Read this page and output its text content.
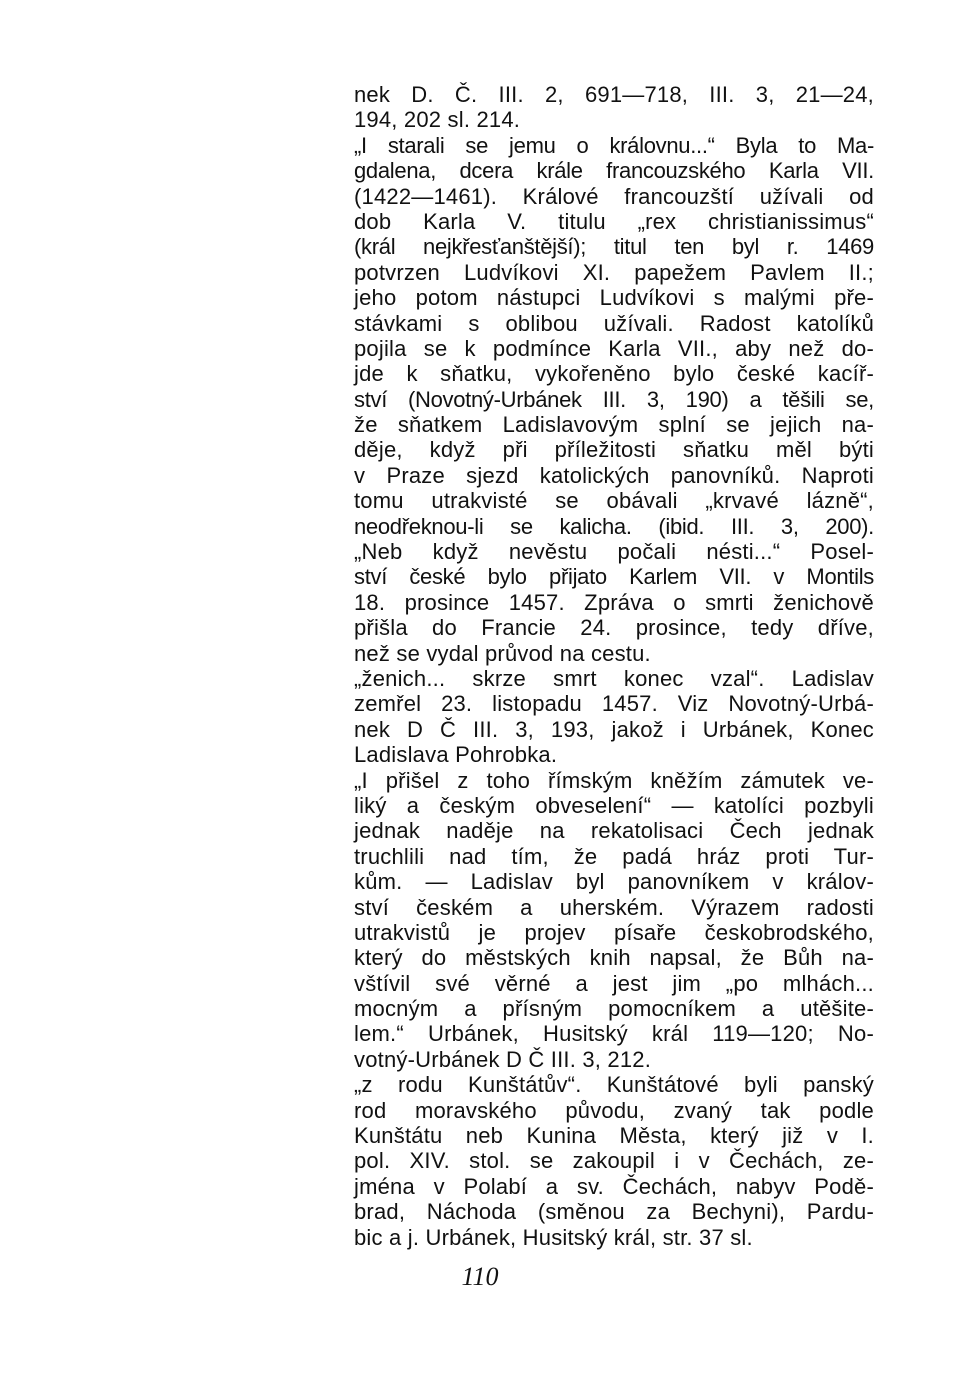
nek D. Č. III. 2, 691—718, III. 3, 21—24,
194, 202 sl. 214.
„I starali se jemu o královnu...“ Byla to Ma-
gdalena, dcera krále francouzského Karla VII.
(1422—1461). Králové francouzští užívali od
dob Karla V. titulu „rex christianissimus“
(král nejkřesťanštější); titul ten byl r. 1469
potvrzen Ludvíkovi XI. papežem Pavlem II.;
jeho potom nástupci Ludvíkovi s malými pře-
stávkami s oblibou užívali. Radost katolíků
pojila se k podmínce Karla VII., aby než do-
jde k sňatku, vykořeněno bylo české kacíř-
ství (Novotný-Urbánek III. 3, 190) a těšili se,
že sňatkem Ladislavovým splní se jejich na-
děje, když při příležitosti sňatku měl býti
v Praze sjezd katolických panovníků. Naproti
tomu utrakvisté se obávali „krvavé lázně“,
neodřeknou-li se kalicha. (ibid. III. 3, 200).
„Neb když nevěstu počali nésti...“ Posel-
ství české bylo přijato Karlem VII. v Montils
18. prosince 1457. Zpráva o smrti ženichově
přišla do Francie 24. prosince, tedy dříve,
než se vydal průvod na cestu.
„ženich... skrze smrt konec vzal“. Ladislav
zemřel 23. listopadu 1457. Viz Novotný-Urbá-
nek D Č III. 3, 193, jakož i Urbánek, Konec
Ladislava Pohrobka.
„I přišel z toho římským kněžím zámutek ve-
liký a českým obveselení“ — katolíci pozbyli
jednak naděje na rekatolisaci Čech jednak
truchlili nad tím, že padá hráz proti Tur-
kům. — Ladislav byl panovníkem v králov-
ství českém a uherském. Výrazem radosti
utrakvistů je projev písaře českobrodského,
který do městských knih napsal, že Bůh na-
vštívil své věrné a jest jim „po mlhách...
mocným a přísným pomocníkem a utěšite-
lem.“ Urbánek, Husitský král 119—120; No-
votný-Urbánek D Č III. 3, 212.
„z rodu Kunštátův“. Kunštátové byli panský
rod moravského původu, zvaný tak podle
Kunštátu neb Kunina Města, který již v I.
pol. XIV. stol. se zakoupil i v Čechách, ze-
jména v Polabí a sv. Čechách, nabyv Podě-
brad, Náchoda (směnou za Bechyni), Pardu-
bic a j. Urbánek, Husitský král, str. 37 sl.
110
